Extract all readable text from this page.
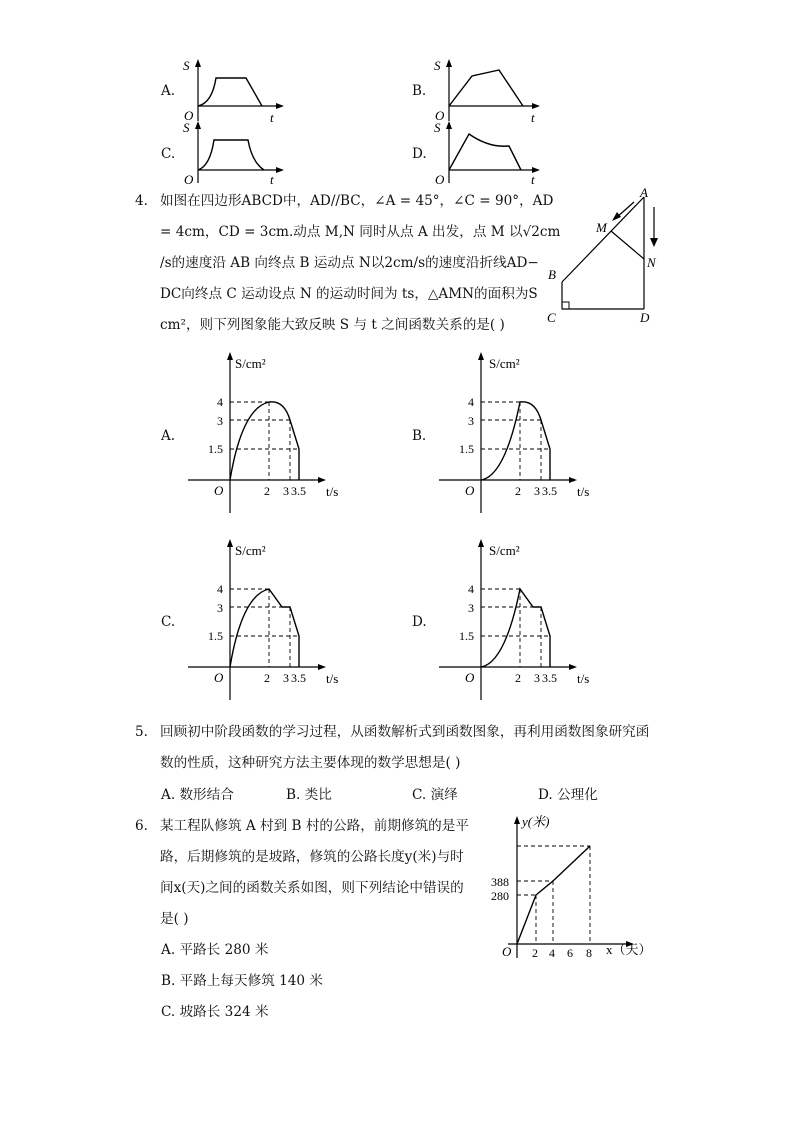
A.
S
O	t
B.
S
O	t
C.
S
O	t
D.
S
O	t
4. 如图在四边形ABCD中，AD//BC，∠A = 45°，∠C = 90°，AD
= 4cm，CD = 3cm.动点 M,N 同时从点 A 出发，点 M 以√2cm
/s的速度沿 AB 向终点 B 运动点 N以2cm/s的速度沿折线AD−
DC向终点 C 运动设点 N 的运动时间为 ts，△AMN的面积为S
cm²，则下列图象能大致反映 S 与 t 之间函数关系的是( )
A
M
N
B
C	D
A.
S/cm²
t/s
O
4
3
1.5
2 3 3.5
B.
S/cm²
t/s
O
4
3
1.5
2 3 3.5
C.
S/cm²
t/s
O
4
3
1.5
2 3 3.5
D.
S/cm²
t/s
O
4
3
1.5
2 3 3.5
5. 回顾初中阶段函数的学习过程，从函数解析式到函数图象，再利用函数图象研究函
数的性质，这种研究方法主要体现的数学思想是( )
A. 数形结合	B. 类比	C. 演绎	D. 公理化
6. 某工程队修筑 A 村到 B 村的公路，前期修筑的是平
路，后期修筑的是坡路，修筑的公路长度y(米)与时
间x(天)之间的函数关系如图，则下列结论中错误的
是( )
A. 平路长 280 米
B. 平路上每天修筑 140 米
C. 坡路长 324 米
y(米)
x（天）
O
388
280
2 4 6 8
